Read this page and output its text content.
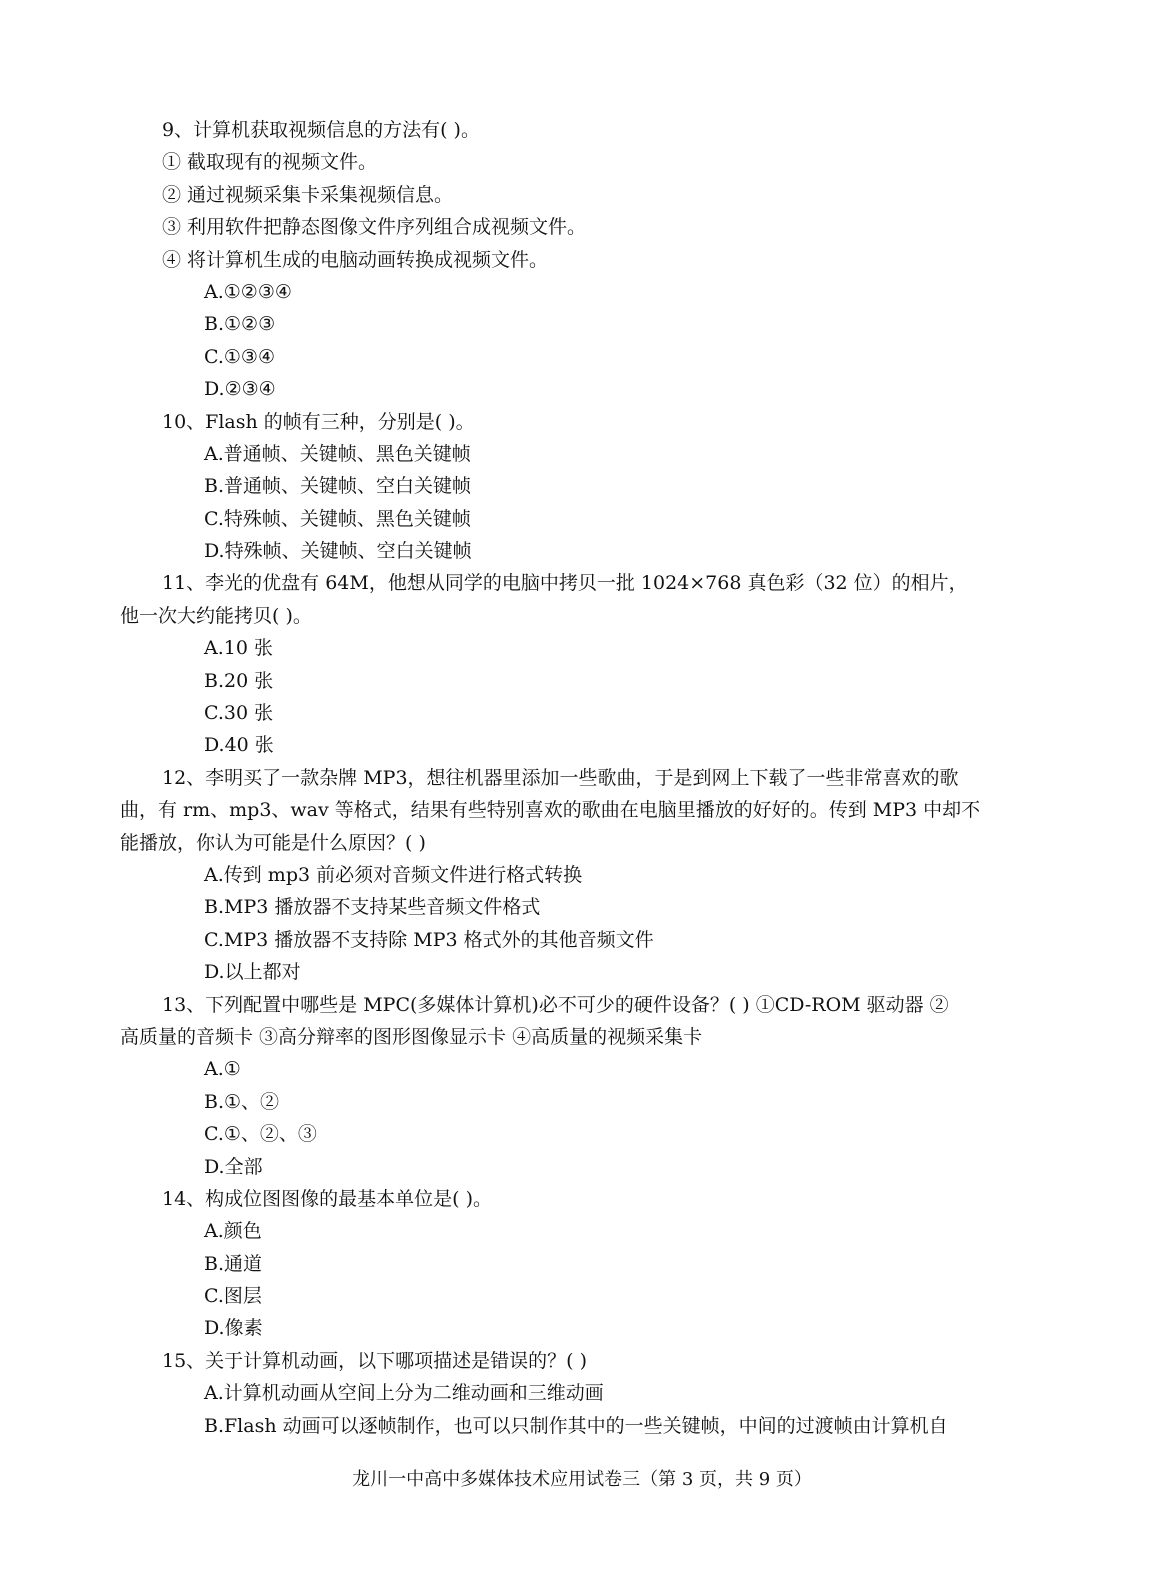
9、计算机获取视频信息的方法有( )。
① 截取现有的视频文件。
② 通过视频采集卡采集视频信息。
③ 利用软件把静态图像文件序列组合成视频文件。
④ 将计算机生成的电脑动画转换成视频文件。
A.①②③④
B.①②③
C.①③④
D.②③④
10、Flash 的帧有三种，分别是( )。
A.普通帧、关键帧、黑色关键帧
B.普通帧、关键帧、空白关键帧
C.特殊帧、关键帧、黑色关键帧
D.特殊帧、关键帧、空白关键帧
11、李光的优盘有 64M，他想从同学的电脑中拷贝一批 1024×768 真色彩（32 位）的相片，
他一次大约能拷贝( )。
A.10 张
B.20 张
C.30 张
D.40 张
12、李明买了一款杂牌 MP3，想往机器里添加一些歌曲，于是到网上下载了一些非常喜欢的歌
曲，有 rm、mp3、wav 等格式，结果有些特别喜欢的歌曲在电脑里播放的好好的。传到 MP3 中却不
能播放，你认为可能是什么原因？( )
A.传到 mp3 前必须对音频文件进行格式转换
B.MP3 播放器不支持某些音频文件格式
C.MP3 播放器不支持除 MP3 格式外的其他音频文件
D.以上都对
13、下列配置中哪些是 MPC(多媒体计算机)必不可少的硬件设备？( ) ①CD-ROM 驱动器 ②
高质量的音频卡 ③高分辩率的图形图像显示卡 ④高质量的视频采集卡
A.①
B.①、②
C.①、②、③
D.全部
14、构成位图图像的最基本单位是( )。
A.颜色
B.通道
C.图层
D.像素
15、关于计算机动画，以下哪项描述是错误的？( )
A.计算机动画从空间上分为二维动画和三维动画
B.Flash 动画可以逐帧制作，也可以只制作其中的一些关键帧，中间的过渡帧由计算机自
龙川一中高中多媒体技术应用试卷三（第 3 页，共 9 页）
